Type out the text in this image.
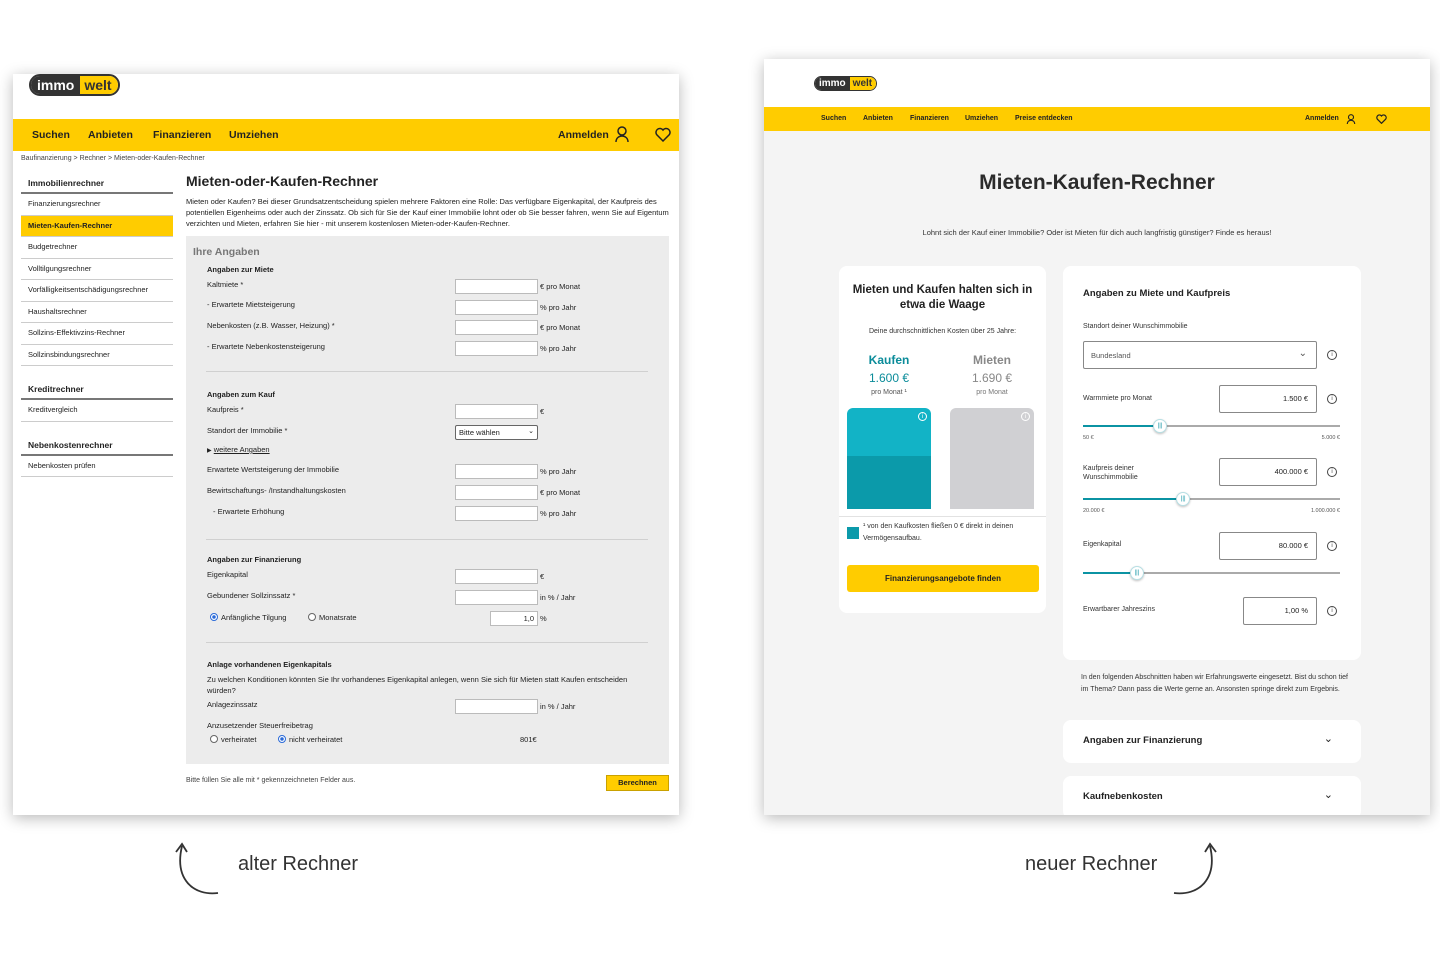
immo welt
Suchen Anbieten Finanzieren Umziehen	Anmelden
Baufinanzierung > Rechner > Mieten-oder-Kaufen-Rechner
Immobilienrechner
Finanzierungsrechner
Mieten-Kaufen-Rechner
Budgetrechner
Volltilgungsrechner
Vorfälligkeitsentschädigungsrechner
Haushaltsrechner
Sollzins-Effektivzins-Rechner
Sollzinsbindungsrechner
Kreditrechner
Kreditvergleich
Nebenkostenrechner
Nebenkosten prüfen
Mieten-oder-Kaufen-Rechner
Mieten oder Kaufen? Bei dieser Grundsatzentscheidung spielen mehrere Faktoren eine Rolle: Das verfügbare Eigenkapital, der Kaufpreis des potentiellen Eigenheims oder auch der Zinssatz. Ob sich für Sie der Kauf einer Immobilie lohnt oder ob Sie besser fahren, wenn Sie auf Eigentum verzichten und Mieten, erfahren Sie hier - mit unserem kostenlosen Mieten-oder-Kaufen-Rechner.
Ihre Angaben
Angaben zur Miete
Kaltmiete *	€ pro Monat
- Erwartete Mietsteigerung	% pro Jahr
Nebenkosten (z.B. Wasser, Heizung) *	€ pro Monat
- Erwartete Nebenkostensteigerung	% pro Jahr
Angaben zum Kauf
Kaufpreis *	€
Standort der Immobilie *	Bitte wählen	⌄
▶ weitere Angaben
Erwartete Wertsteigerung der Immobilie	% pro Jahr
Bewirtschaftungs- /Instandhaltungskosten	€ pro Monat
- Erwartete Erhöhung	% pro Jahr
Angaben zur Finanzierung
Eigenkapital	€
Gebundener Sollzinssatz *	in % / Jahr
Anfängliche Tilgung	Monatsrate	1,0 %
Anlage vorhandenen Eigenkapitals
Zu welchen Konditionen könnten Sie Ihr vorhandenes Eigenkapital anlegen, wenn Sie sich für Mieten statt Kaufen entscheiden würden?
Anlagezinssatz	in % / Jahr
Anzusetzender Steuerfreibetrag
verheiratet	nicht verheiratet	801€
Bitte füllen Sie alle mit * gekennzeichneten Felder aus.	Berechnen
immo welt
Suchen Anbieten Finanzieren Umziehen Preise entdecken	Anmelden
Mieten-Kaufen-Rechner
Lohnt sich der Kauf einer Immobilie? Oder ist Mieten für dich auch langfristig günstiger? Finde es heraus!
Mieten und Kaufen halten sich in etwa die Waage
Deine durchschnittlichen Kosten über 25 Jahre:
Kaufen
1.600 €
pro Monat ¹
Mieten
1.690 €
pro Monat
i	i
¹ von den Kaufkosten fließen 0 € direkt in deinen Vermögensaufbau.
Finanzierungsangebote finden
Angaben zu Miete und Kaufpreis
Standort deiner Wunschimmobilie
Bundesland	⌄	i
Warmmiete pro Monat	1.500 €	i
|||
50 €	5.000 €
Kaufpreis deiner Wunschimmobilie
400.000 €	i
|||
20.000 €	1.000.000 €
Eigenkapital	80.000 €	i
|||
Erwartbarer Jahreszins	1,00 %	i
In den folgenden Abschnitten haben wir Erfahrungswerte eingesetzt. Bist du schon tief im Thema? Dann pass die Werte gerne an. Ansonsten springe direkt zum Ergebnis.
Angaben zur Finanzierung	⌄
Kaufnebenkosten	⌄
alter Rechner	neuer Rechner
